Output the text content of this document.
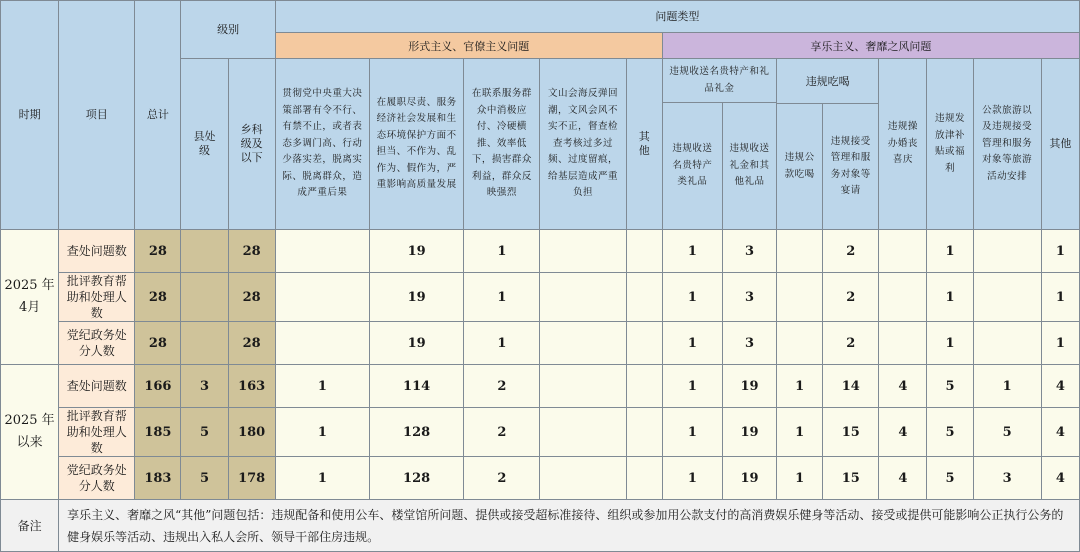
时期	项目	总计	级别		问题类型												
					形式主义、官僚主义问题					享乐主义、奢靡之风问题							
			县处级	乡科级及以下	贯彻党中央重大决策部署有令不行、有禁不止，或者表态多调门高、行动少落实差，脱离实际、脱离群众，造成严重后果	在履职尽责、服务经济社会发展和生态环境保护方面不担当、不作为、乱作为、假作为，严重影响高质量发展	在联系服务群众中消极应付、冷硬横推、效率低下，损害群众利益，群众反映强烈	文山会海反弹回潮，文风会风不实不正，督查检查考核过多过频、过度留痕，给基层造成严重负担	其他	违规收送名贵特产和礼品礼金		违规吃喝		违规操办婚丧喜庆	违规发放津补贴或福利	公款旅游以及违规接受管理和服务对象等旅游活动安排	其他
										违规收送名贵特产类礼品	违规收送礼金和其他礼品						
												违规公款吃喝	违规接受管理和服务对象等宴请				
2025 年
4月	查处问题数	28		28		19	1			1	3		2		1		1
	批评教育帮助和处理人数	28		28		19	1			1	3		2		1		1
	党纪政务处分人数	28		28		19	1			1	3		2		1		1
2025 年
以来	查处问题数	166	3	163	1	114	2			1	19	1	14	4	5	1	4
	批评教育帮助和处理人数	185	5	180	1	128	2			1	19	1	15	4	5	5	4
	党纪政务处分人数	183	5	178	1	128	2			1	19	1	15	4	5	3	4
备注	享乐主义、奢靡之风“其他”问题包括：违规配备和使用公车、楼堂馆所问题、提供或接受超标准接待、组织或参加用公款支付的高消费娱乐健身等活动、接受或提供可能影响公正执行公务的健身娱乐等活动、违规出入私人会所、领导干部住房违规。																
